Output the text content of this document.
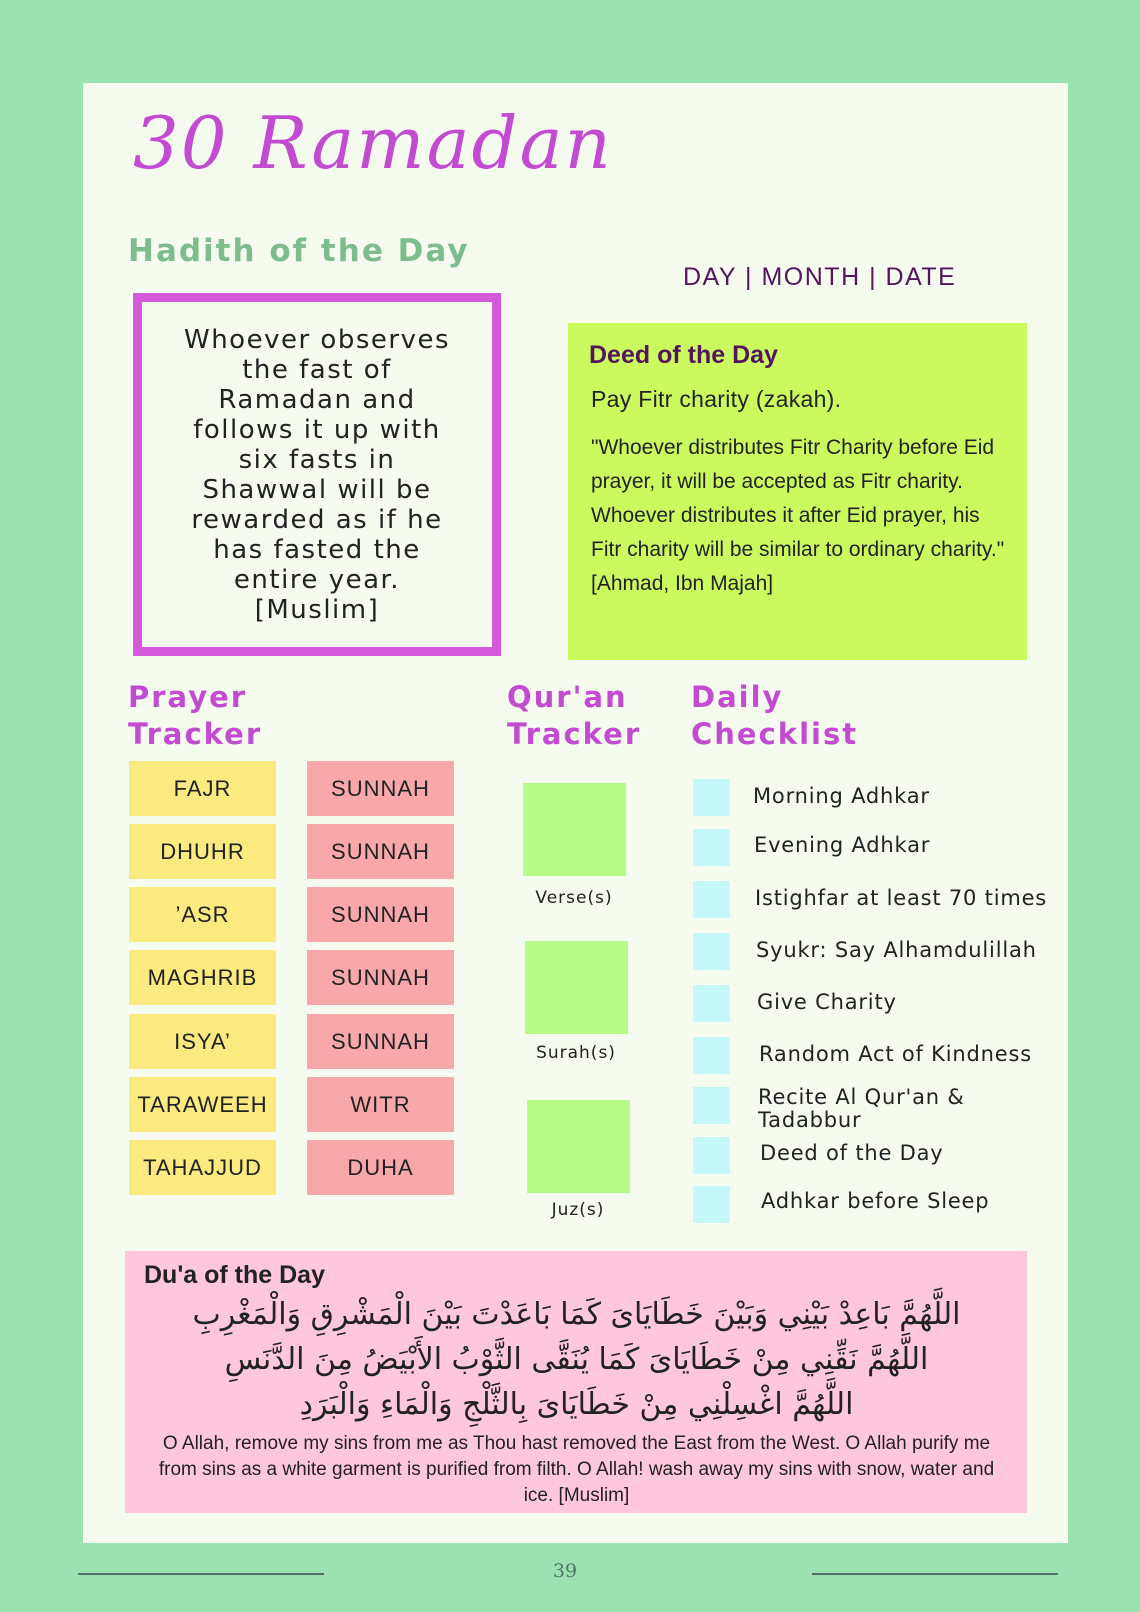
30 Ramadan
Hadith of the Day
DAY | MONTH | DATE
Whoever observes the fast of Ramadan and follows it up with six fasts in Shawwal will be rewarded as if he has fasted the entire year. [Muslim]
Deed of the Day
Pay Fitr charity (zakah).
"Whoever distributes Fitr Charity before Eid prayer, it will be accepted as Fitr charity. Whoever distributes it after Eid prayer, his Fitr charity will be similar to ordinary charity." [Ahmad, Ibn Majah]
Prayer
Tracker
FAJR
DHUHR
’ASR
MAGHRIB
ISYA’
TARAWEEH
TAHAJJUD
SUNNAH
SUNNAH
SUNNAH
SUNNAH
SUNNAH
WITR
DUHA
Qur'an
Tracker
Verse(s)
Surah(s)
Juz(s)
Daily
Checklist
Morning Adhkar
Evening Adhkar
Istighfar at least 70 times
Syukr: Say Alhamdulillah
Give Charity
Random Act of Kindness
Recite Al Qur'an & Tadabbur
Deed of the Day
Adhkar before Sleep
Du'a of the Day
اللَّهُمَّ بَاعِدْ بَيْنِي وَبَيْنَ خَطَايَاىَ كَمَا بَاعَدْتَ بَيْنَ الْمَشْرِقِ وَالْمَغْرِبِ
اللَّهُمَّ نَقِّنِي مِنْ خَطَايَاىَ كَمَا يُنَقَّى الثَّوْبُ الأَبْيَضُ مِنَ الدَّنَسِ
اللَّهُمَّ اغْسِلْنِي مِنْ خَطَايَاىَ بِالثَّلْجِ وَالْمَاءِ وَالْبَرَدِ
O Allah, remove my sins from me as Thou hast removed the East from the West. O Allah purify me from sins as a white garment is purified from filth. O Allah! wash away my sins with snow, water and ice. [Muslim]
39
